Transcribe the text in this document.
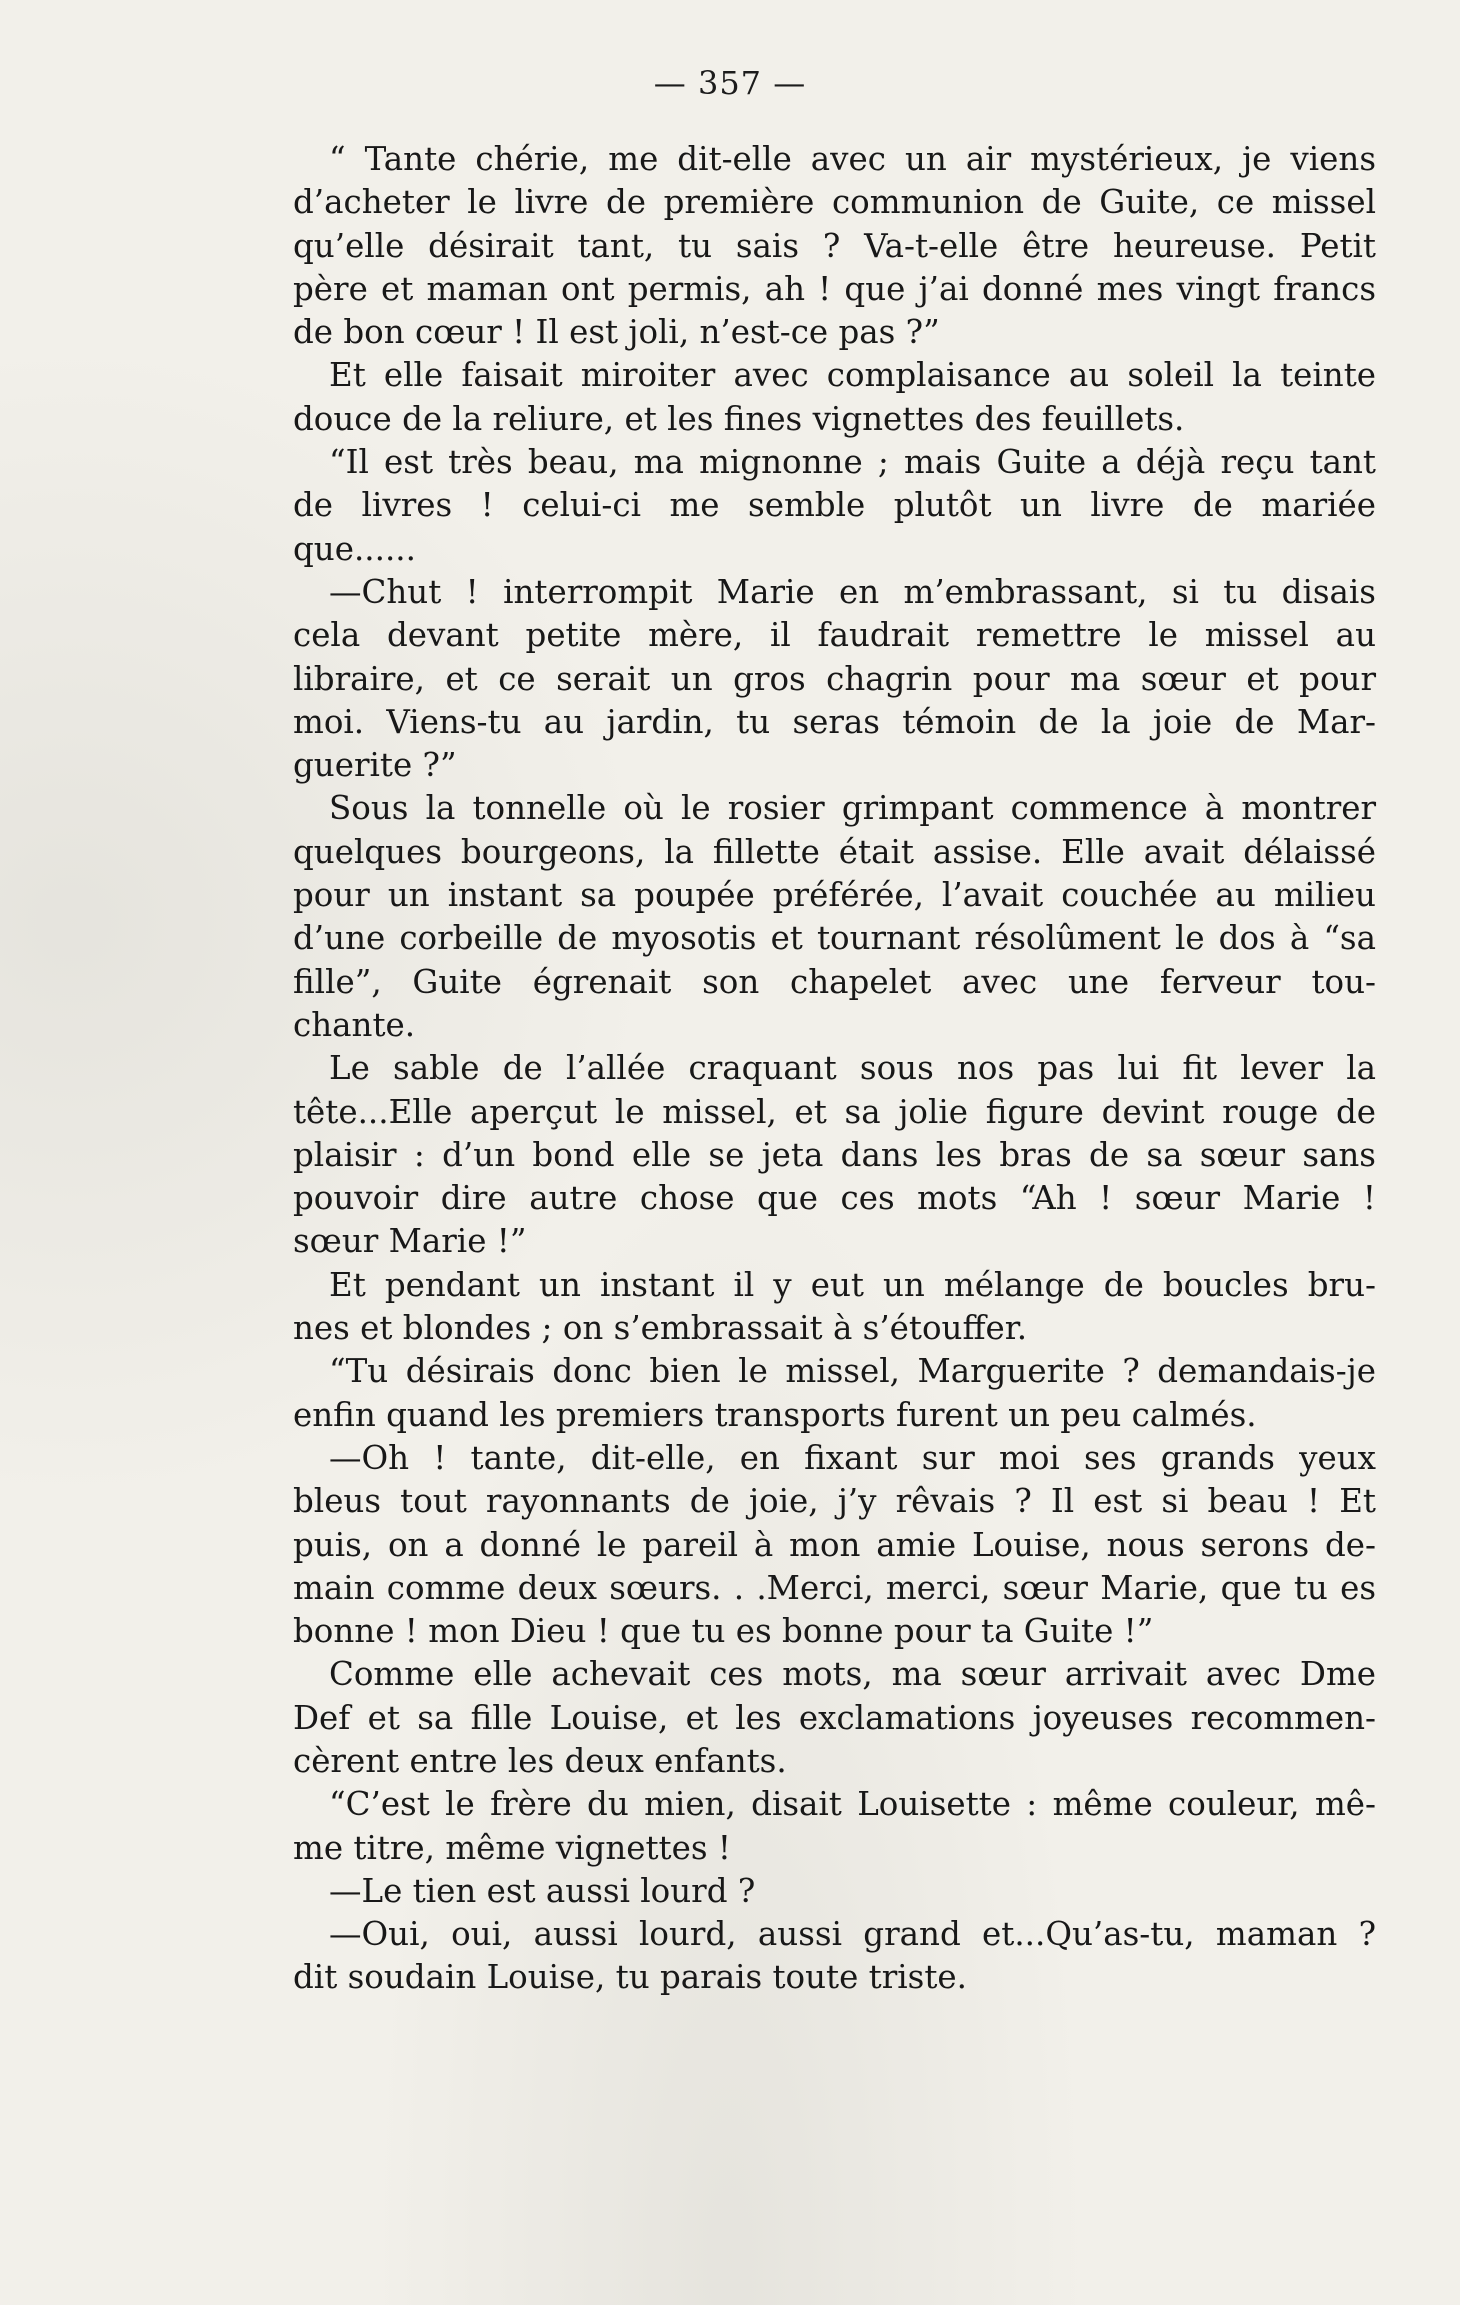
— 357 —
“ Tante chérie, me dit-elle avec un air mystérieux, je viens
d’acheter le livre de première communion de Guite, ce missel
qu’elle désirait tant, tu sais ? Va-t-elle être heureuse. Petit
père et maman ont permis, ah ! que j’ai donné mes vingt francs
de bon cœur ! Il est joli, n’est-ce pas ?”
Et elle faisait miroiter avec complaisance au soleil la teinte
douce de la reliure, et les fines vignettes des feuillets.
“Il est très beau, ma mignonne ; mais Guite a déjà reçu tant
de livres ! celui-ci me semble plutôt un livre de mariée
que......
—Chut ! interrompit Marie en m’embrassant, si tu disais
cela devant petite mère, il faudrait remettre le missel au
libraire, et ce serait un gros chagrin pour ma sœur et pour
moi. Viens-tu au jardin, tu seras témoin de la joie de Mar-
guerite ?”
Sous la tonnelle où le rosier grimpant commence à montrer
quelques bourgeons, la fillette était assise. Elle avait délaissé
pour un instant sa poupée préférée, l’avait couchée au milieu
d’une corbeille de myosotis et tournant résolûment le dos à “sa
fille”, Guite égrenait son chapelet avec une ferveur tou-
chante.
Le sable de l’allée craquant sous nos pas lui fit lever la
tête...Elle aperçut le missel, et sa jolie figure devint rouge de
plaisir : d’un bond elle se jeta dans les bras de sa sœur sans
pouvoir dire autre chose que ces mots “Ah ! sœur Marie !
sœur Marie !”
Et pendant un instant il y eut un mélange de boucles bru-
nes et blondes ; on s’embrassait à s’étouffer.
“Tu désirais donc bien le missel, Marguerite ? demandais-je
enfin quand les premiers transports furent un peu calmés.
—Oh ! tante, dit-elle, en fixant sur moi ses grands yeux
bleus tout rayonnants de joie, j’y rêvais ? Il est si beau ! Et
puis, on a donné le pareil à mon amie Louise, nous serons de-
main comme deux sœurs. . .Merci, merci, sœur Marie, que tu es
bonne ! mon Dieu ! que tu es bonne pour ta Guite !”
Comme elle achevait ces mots, ma sœur arrivait avec Dme
Def et sa fille Louise, et les exclamations joyeuses recommen-
cèrent entre les deux enfants.
“C’est le frère du mien, disait Louisette : même couleur, mê-
me titre, même vignettes !
—Le tien est aussi lourd ?
—Oui, oui, aussi lourd, aussi grand et...Qu’as-tu, maman ?
dit soudain Louise, tu parais toute triste.
